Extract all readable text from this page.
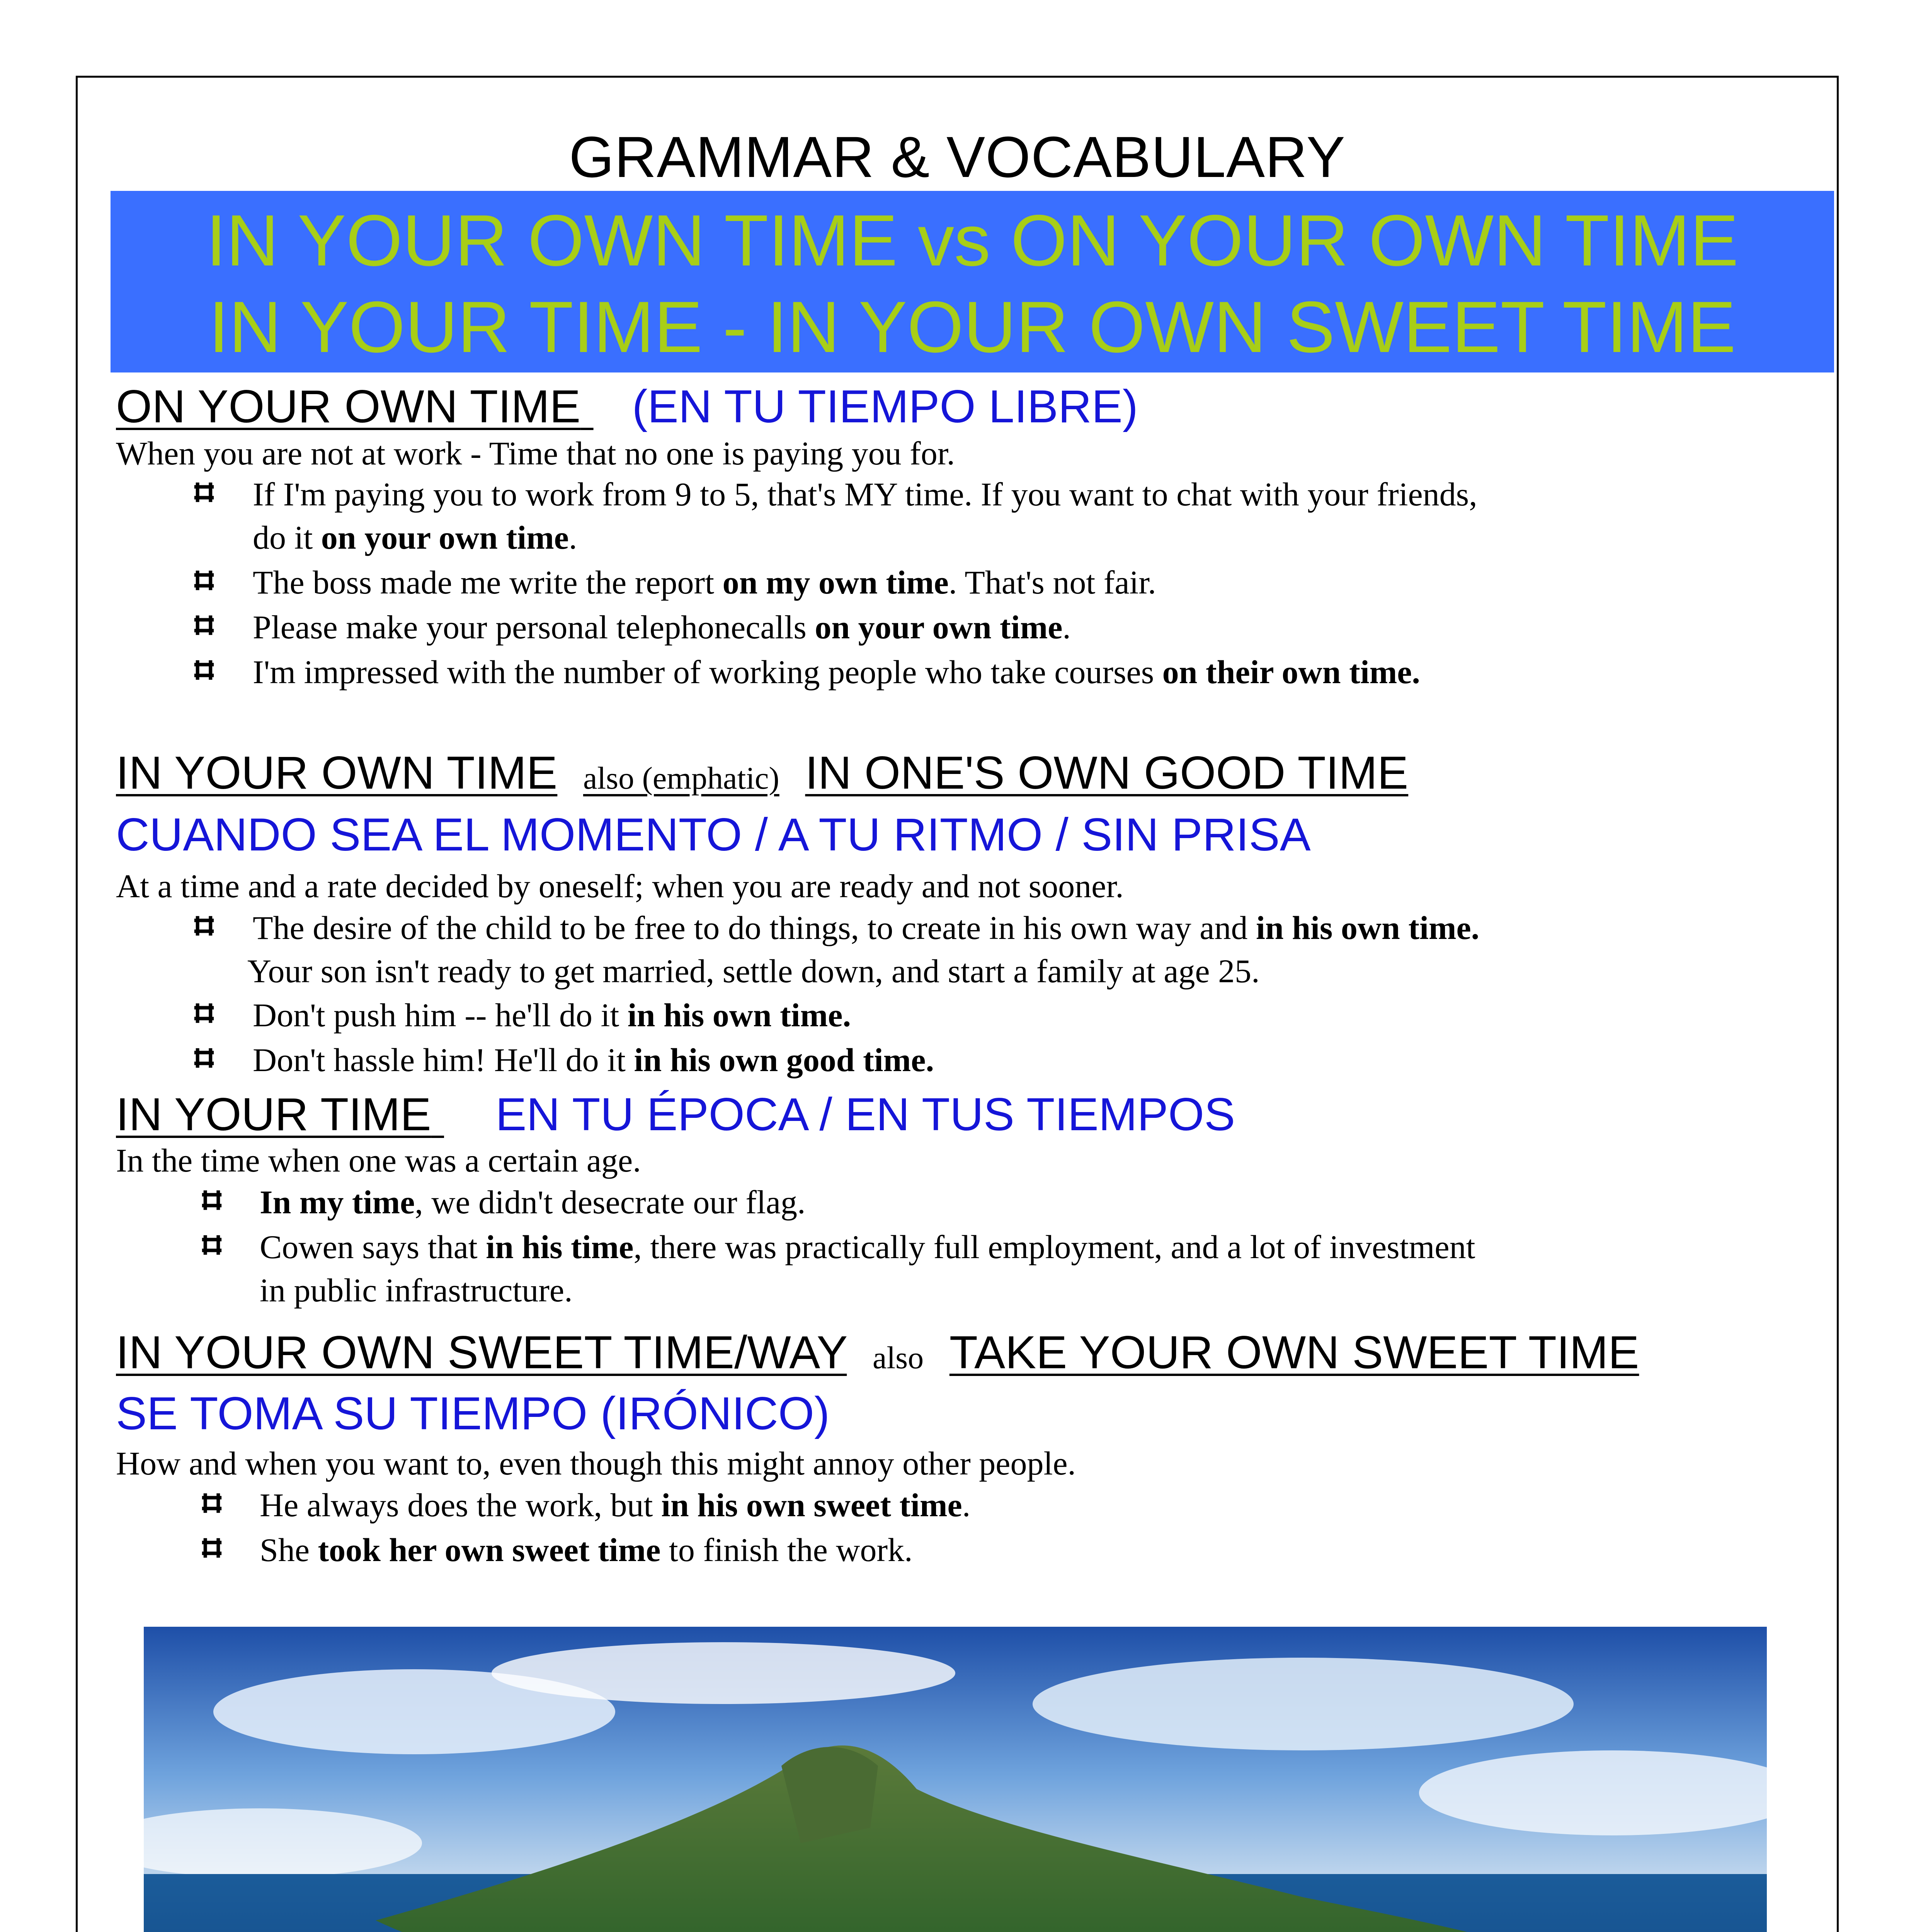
GRAMMAR & VOCABULARY
IN YOUR OWN TIME vs ON YOUR OWN TIME
IN YOUR TIME - IN YOUR OWN SWEET TIME
ON YOUR OWN TIME (EN TU TIEMPO LIBRE)
When you are not at work - Time that no one is paying you for.
If I'm paying you to work from 9 to 5, that's MY time. If you want to chat with your friends,
do it on your own time.
The boss made me write the report on my own time. That's not fair.
Please make your personal telephonecalls on your own time.
I'm impressed with the number of working people who take courses on their own time.
IN YOUR OWN TIME also (emphatic) IN ONE'S OWN GOOD TIME
CUANDO SEA EL MOMENTO / A TU RITMO / SIN PRISA
At a time and a rate decided by oneself; when you are ready and not sooner.
The desire of the child to be free to do things, to create in his own way and in his own time.
Your son isn't ready to get married, settle down, and start a family at age 25.
Don't push him -- he'll do it in his own time.
Don't hassle him! He'll do it in his own good time.
IN YOUR TIME EN TU ÉPOCA / EN TUS TIEMPOS
In the time when one was a certain age.
In my time, we didn't desecrate our flag.
Cowen says that in his time, there was practically full employment, and a lot of investment
in public infrastructure.
IN YOUR OWN SWEET TIME/WAY also TAKE YOUR OWN SWEET TIME
SE TOMA SU TIEMPO (IRÓNICO)
How and when you want to, even though this might annoy other people.
He always does the work, but in his own sweet time.
She took her own sweet time to finish the work.
